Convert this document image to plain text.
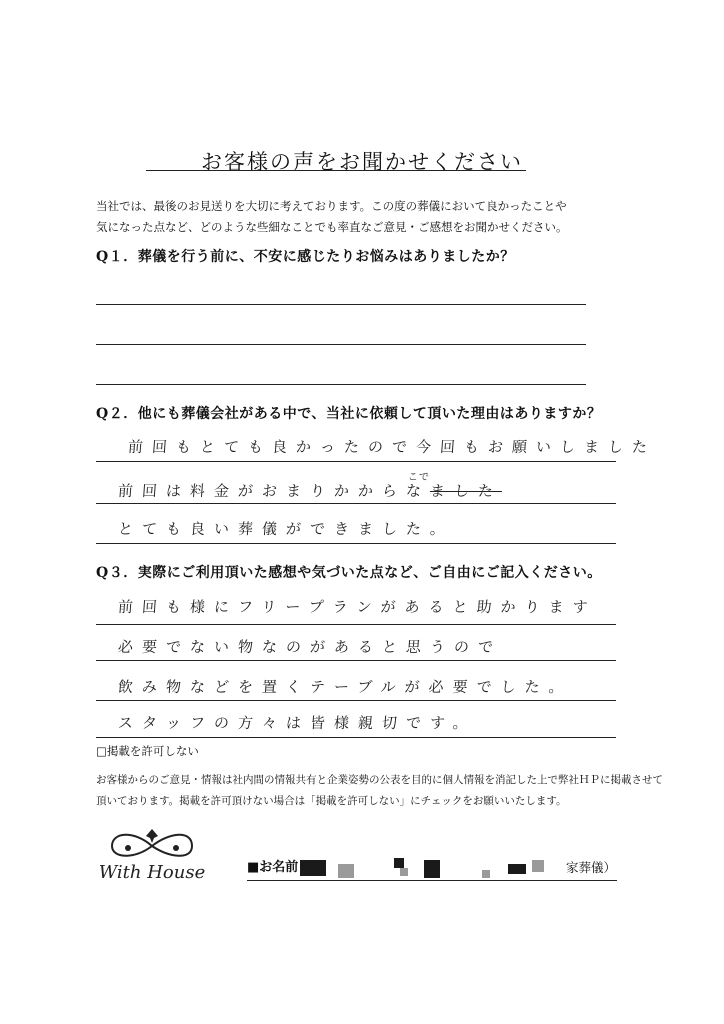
お客様の声をお聞かせください
当社では、最後のお見送りを大切に考えております。この度の葬儀において良かったことや
気になった点など、どのような些細なことでも率直なご意見・ご感想をお聞かせください。
Q１．葬儀を行う前に、不安に感じたりお悩みはありましたか？
Q２．他にも葬儀会社がある中で、当社に依頼して頂いた理由はありますか？
前回もとても良かったので今回もお願いしました
前回は料金がおまりかからなました
こで
とても良い葬儀ができました。
Q３．実際にご利用頂いた感想や気づいた点など、ご自由にご記入ください。
前回も様にフリープランがあると助かります
必要でない物なのがあると思うので
飲み物などを置くテーブルが必要でした。
スタッフの方々は皆様親切です。
□掲載を許可しない
お客様からのご意見・情報は社内間の情報共有と企業姿勢の公表を目的に個人情報を消記した上で弊社ＨＰに掲載させて
頂いております。掲載を許可頂けない場合は「掲載を許可しない」にチェックをお願いいたします。
With House	■お名前	家葬儀）
